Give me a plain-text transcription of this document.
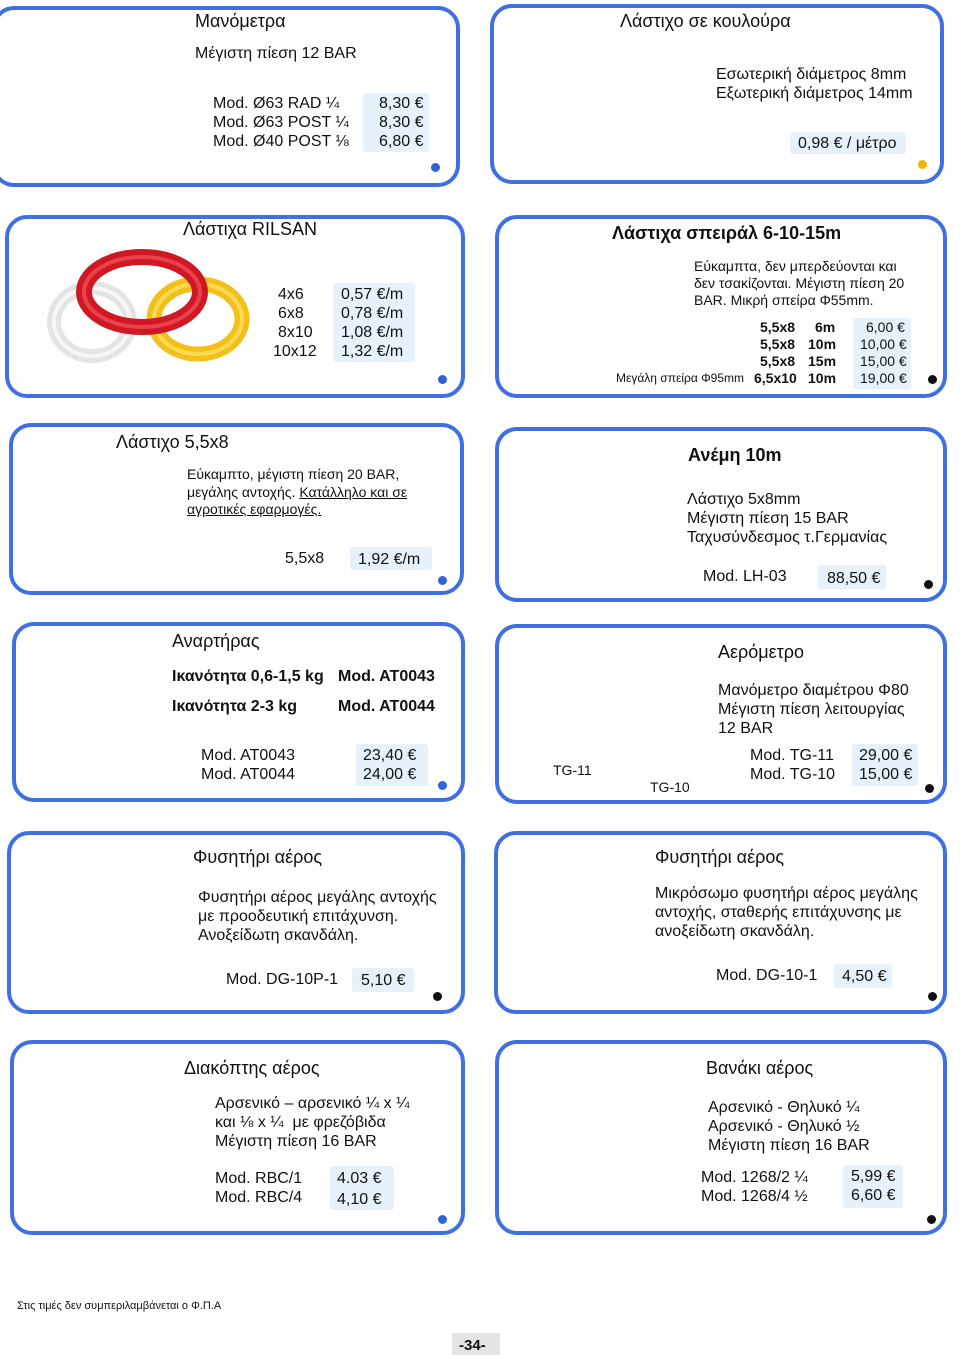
Μανόμετρα
Μέγιστη πίεση 12 BAR
Mod. Ø63 RAD ¼
Mod. Ø63 POST ¼
Mod. Ø40 POST ⅛
8,30 €
8,30 €
6,80 €
Λάστιχο σε κουλούρα
Εσωτερική διάμετρος 8mm
Εξωτερική διάμετρος 14mm
0,98 € / μέτρο
Λάστιχα RILSAN
4x6
6x8
8x10
10x12
0,57 €/m
0,78 €/m
1,08 €/m
1,32 €/m
Λάστιχα σπειράλ 6-10-15m
Εύκαμπτα, δεν μπερδεύονται και
δεν τσακίζονται. Μέγιστη πίεση 20
BAR. Μικρή σπείρα Φ55mm.
5,5x8
5,5x8
5,5x8
Μεγάλη σπείρα Φ95mm 6,5x10
6m
10m
15m
10m
6,00 €
10,00 €
15,00 €
19,00 €
Λάστιχο 5,5x8
Εύκαμπτο, μέγιστη πίεση 20 BAR,
μεγάλης αντοχής. Κατάλληλο και σε
αγροτικές εφαρμογές.
5,5x8 1,92 €/m
Ανέμη 10m
Λάστιχο 5x8mm
Μέγιστη πίεση 15 BAR
Ταχυσύνδεσμος τ.Γερμανίας
Mod. LH-03	88,50 €
Αναρτήρας
Ικανότητα 0,6-1,5 kg Mod. AT0043
Ικανότητα 2-3 kg	Mod. AT0044
Mod. AT0043
Mod. AT0044
23,40 €
24,00 €
Αερόμετρο
TG-11
TG-10
Μανόμετρο διαμέτρου Φ80
Μέγιστη πίεση λειτουργίας
12 BAR
Mod. TG-11
Mod. TG-10
29,00 €
15,00 €
Φυσητήρι αέρος
Φυσητήρι αέρος μεγάλης αντοχής
με προοδευτική επιτάχυνση.
Ανοξείδωτη σκανδάλη.
Mod. DG-10P-1 5,10 €
Φυσητήρι αέρος
Μικρόσωμο φυσητήρι αέρος μεγάλης
αντοχής, σταθερής επιτάχυνσης με
ανοξείδωτη σκανδάλη.
Mod. DG-10-1 4,50 €
Διακόπτης αέρος
Αρσενικό – αρσενικό ¼ x ¼
και ⅛ x ¼  με φρεζόβιδα
Μέγιστη πίεση 16 BAR
Mod. RBC/1
Mod. RBC/4
4.03 €
4,10 €
Βανάκι αέρος
Αρσενικό - Θηλυκό ¼
Αρσενικό - Θηλυκό ½
Μέγιστη πίεση 16 BAR
Mod. 1268/2 ¼
Mod. 1268/4 ½
5,99 €
6,60 €
Στις τιμές δεν συμπεριλαμβάνεται ο Φ.Π.Α
-34-
